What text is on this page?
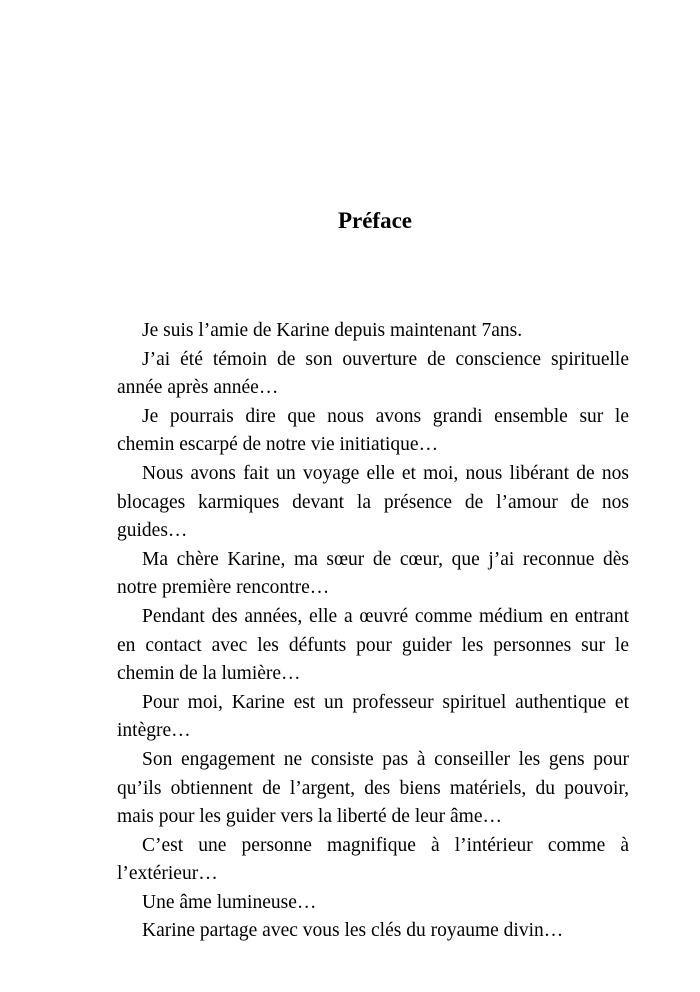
Préface

Je suis l’amie de Karine depuis maintenant 7ans.

J’ai été témoin de son ouverture de conscience spirituelle année après année…

Je pourrais dire que nous avons grandi ensemble sur le chemin escarpé de notre vie initiatique…

Nous avons fait un voyage elle et moi, nous libérant de nos blocages karmiques devant la présence de l’amour de nos guides…

Ma chère Karine, ma sœur de cœur, que j’ai reconnue dès notre première rencontre…

Pendant des années, elle a œuvré comme médium en entrant en contact avec les défunts pour guider les personnes sur le chemin de la lumière…

Pour moi, Karine est un professeur spirituel authentique et intègre…

Son engagement ne consiste pas à conseiller les gens pour qu’ils obtiennent de l’argent, des biens matériels, du pouvoir, mais pour les guider vers la liberté de leur âme…

C’est une personne magnifique à l’intérieur comme à l’extérieur…

Une âme lumineuse…

Karine partage avec vous les clés du royaume divin…
